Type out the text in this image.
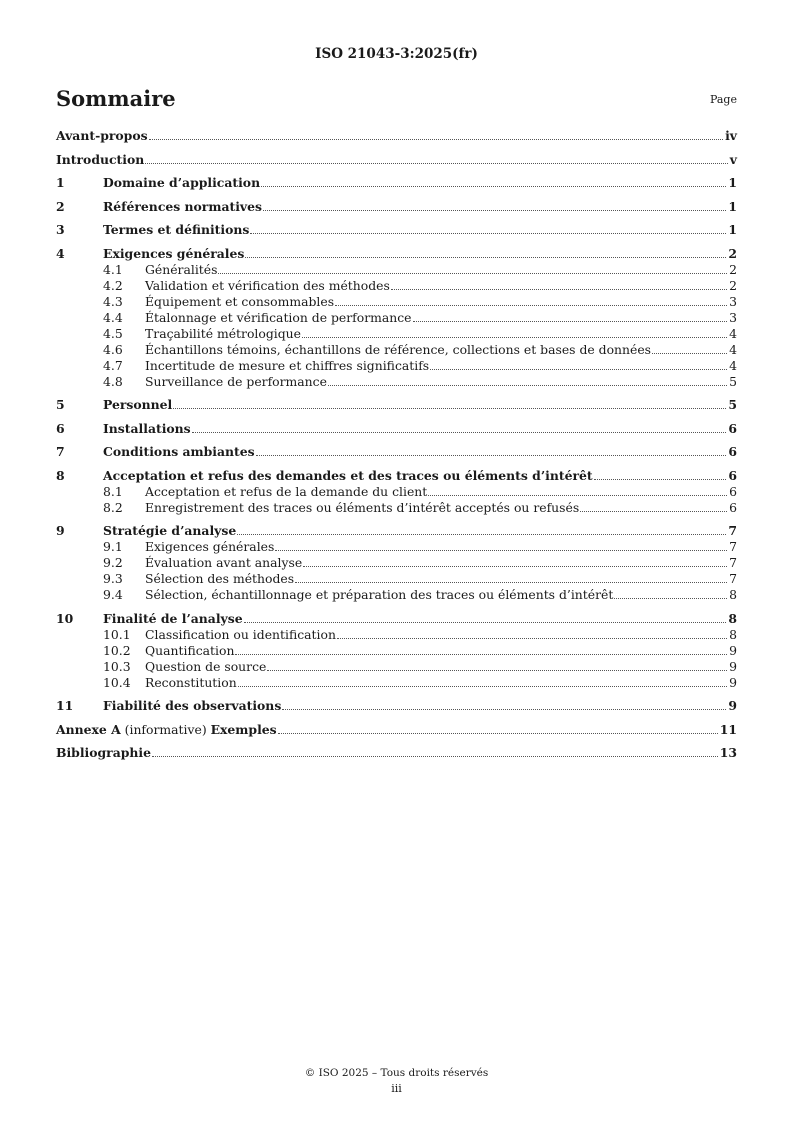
ISO 21043-3:2025(fr)
Sommaire	Page
Avant-propos	iv
Introduction	v
1	Domaine d’application	1
2	Références normatives	1
3	Termes et définitions	1
4	Exigences générales	2
4.1	Généralités	2
4.2	Validation et vérification des méthodes	2
4.3	Équipement et consommables	3
4.4	Étalonnage et vérification de performance	3
4.5	Traçabilité métrologique	4
4.6	Échantillons témoins, échantillons de référence, collections et bases de données	4
4.7	Incertitude de mesure et chiffres significatifs	4
4.8	Surveillance de performance	5
5	Personnel	5
6	Installations	6
7	Conditions ambiantes	6
8	Acceptation et refus des demandes et des traces ou éléments d’intérêt	6
8.1	Acceptation et refus de la demande du client	6
8.2	Enregistrement des traces ou éléments d’intérêt acceptés ou refusés	6
9	Stratégie d’analyse	7
9.1	Exigences générales	7
9.2	Évaluation avant analyse	7
9.3	Sélection des méthodes	7
9.4	Sélection, échantillonnage et préparation des traces ou éléments d’intérêt	8
10	Finalité de l’analyse	8
10.1	Classification ou identification	8
10.2	Quantification	9
10.3	Question de source	9
10.4	Reconstitution	9
11	Fiabilité des observations	9
Annexe A (informative) Exemples	11
Bibliographie	13
© ISO 2025 – Tous droits réservés
iii
